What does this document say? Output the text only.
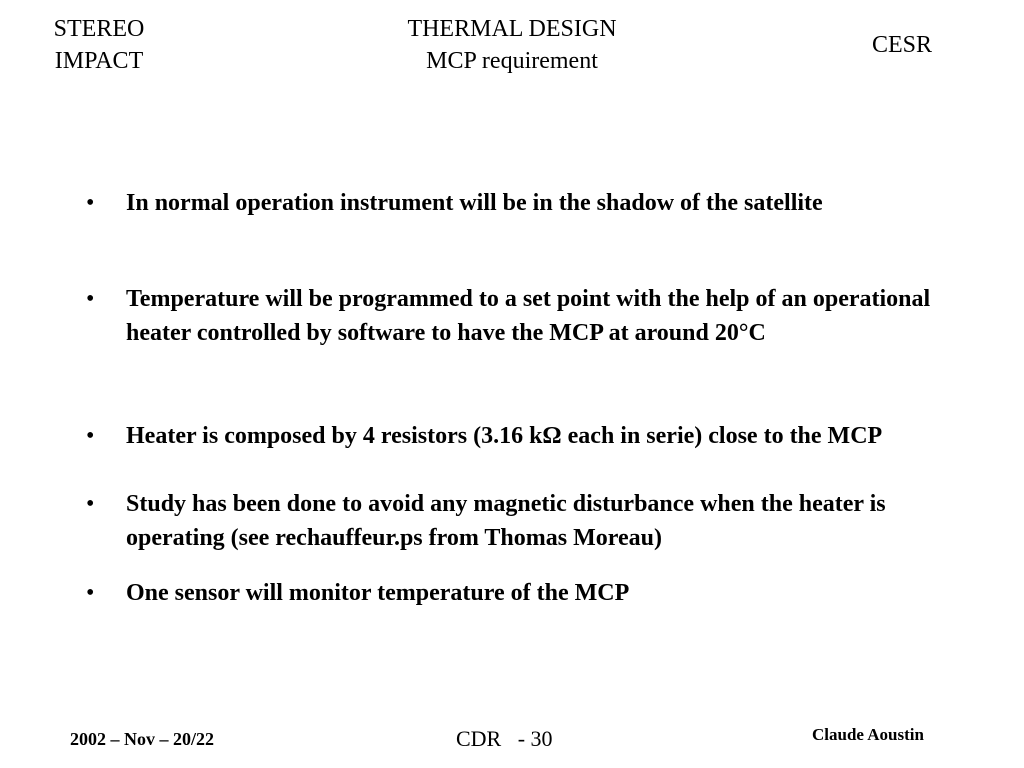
STEREO
IMPACT
THERMAL DESIGN
MCP requirement
CESR
•	In normal operation instrument will be in the shadow of the satellite
•	Temperature will be programmed to a set point with the help of an operational heater controlled by software to have the MCP at around 20°C
•	Heater is composed by 4 resistors (3.16 kΩ each in serie) close to the MCP
•	Study has been done to avoid any magnetic disturbance when the heater is operating (see rechauffeur.ps from Thomas Moreau)
•	One sensor will monitor temperature of the MCP
2002 – Nov – 20/22	CDR   - 30	Claude Aoustin
